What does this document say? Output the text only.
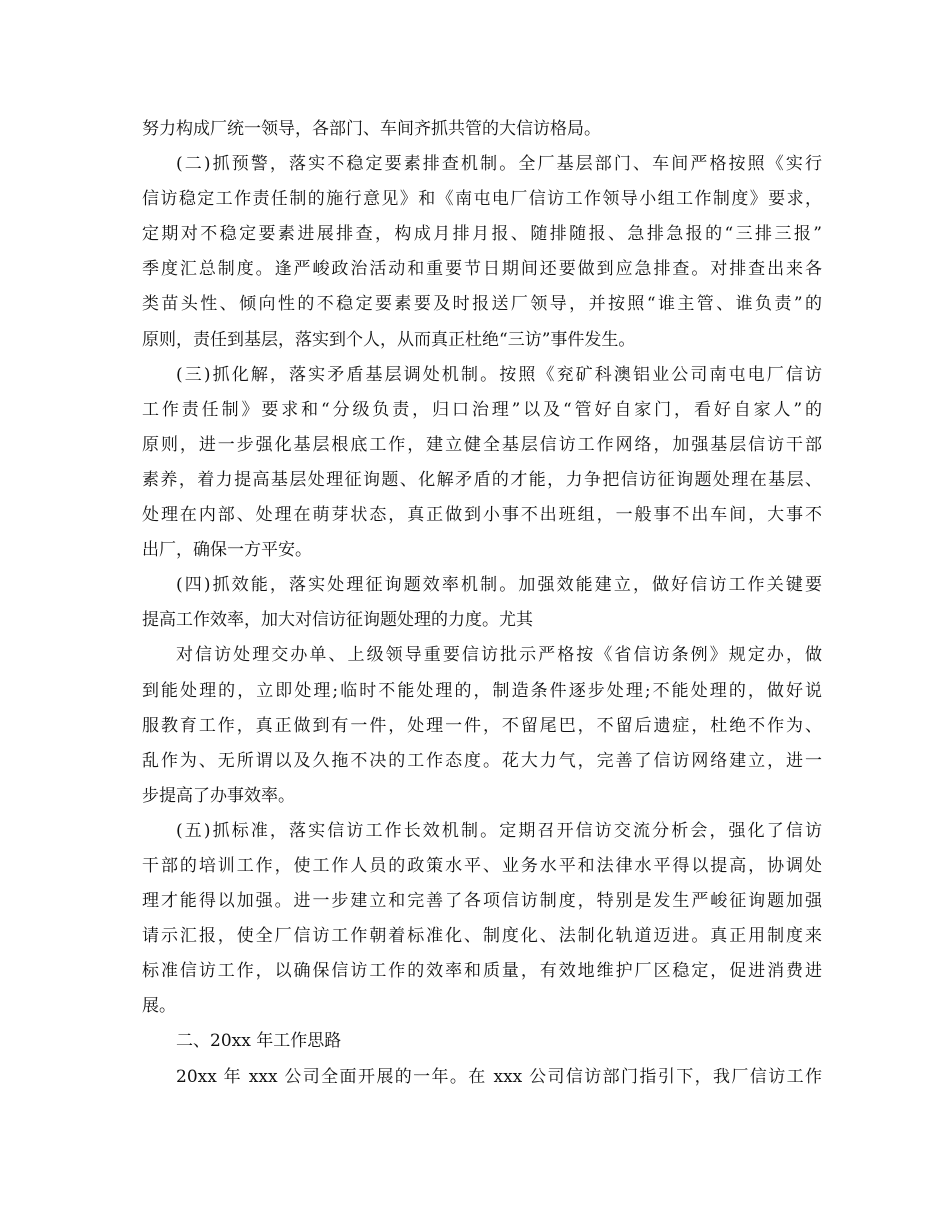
努力构成厂统一领导，各部门、车间齐抓共管的大信访格局。
(二)抓预警，落实不稳定要素排查机制。全厂基层部门、车间严格按照《实行
信访稳定工作责任制的施行意见》和《南屯电厂信访工作领导小组工作制度》要求，
定期对不稳定要素进展排查，构成月排月报、随排随报、急排急报的“三排三报”
季度汇总制度。逢严峻政治活动和重要节日期间还要做到应急排查。对排查出来各
类苗头性、倾向性的不稳定要素要及时报送厂领导，并按照“谁主管、谁负责”的
原则，责任到基层，落实到个人，从而真正杜绝“三访”事件发生。
(三)抓化解，落实矛盾基层调处机制。按照《兖矿科澳铝业公司南屯电厂信访
工作责任制》要求和“分级负责，归口治理”以及“管好自家门，看好自家人”的
原则，进一步强化基层根底工作，建立健全基层信访工作网络，加强基层信访干部
素养，着力提高基层处理征询题、化解矛盾的才能，力争把信访征询题处理在基层、
处理在内部、处理在萌芽状态，真正做到小事不出班组，一般事不出车间，大事不
出厂，确保一方平安。
(四)抓效能，落实处理征询题效率机制。加强效能建立，做好信访工作关键要
提高工作效率，加大对信访征询题处理的力度。尤其
对信访处理交办单、上级领导重要信访批示严格按《省信访条例》规定办，做
到能处理的，立即处理;临时不能处理的，制造条件逐步处理;不能处理的，做好说
服教育工作，真正做到有一件，处理一件，不留尾巴，不留后遗症，杜绝不作为、
乱作为、无所谓以及久拖不决的工作态度。花大力气，完善了信访网络建立，进一
步提高了办事效率。
(五)抓标准，落实信访工作长效机制。定期召开信访交流分析会，强化了信访
干部的培训工作，使工作人员的政策水平、业务水平和法律水平得以提高，协调处
理才能得以加强。进一步建立和完善了各项信访制度，特别是发生严峻征询题加强
请示汇报，使全厂信访工作朝着标准化、制度化、法制化轨道迈进。真正用制度来
标准信访工作，以确保信访工作的效率和质量，有效地维护厂区稳定，促进消费进
展。
二、20xx 年工作思路
20xx 年 xxx 公司全面开展的一年。在 xxx 公司信访部门指引下，我厂信访工作
